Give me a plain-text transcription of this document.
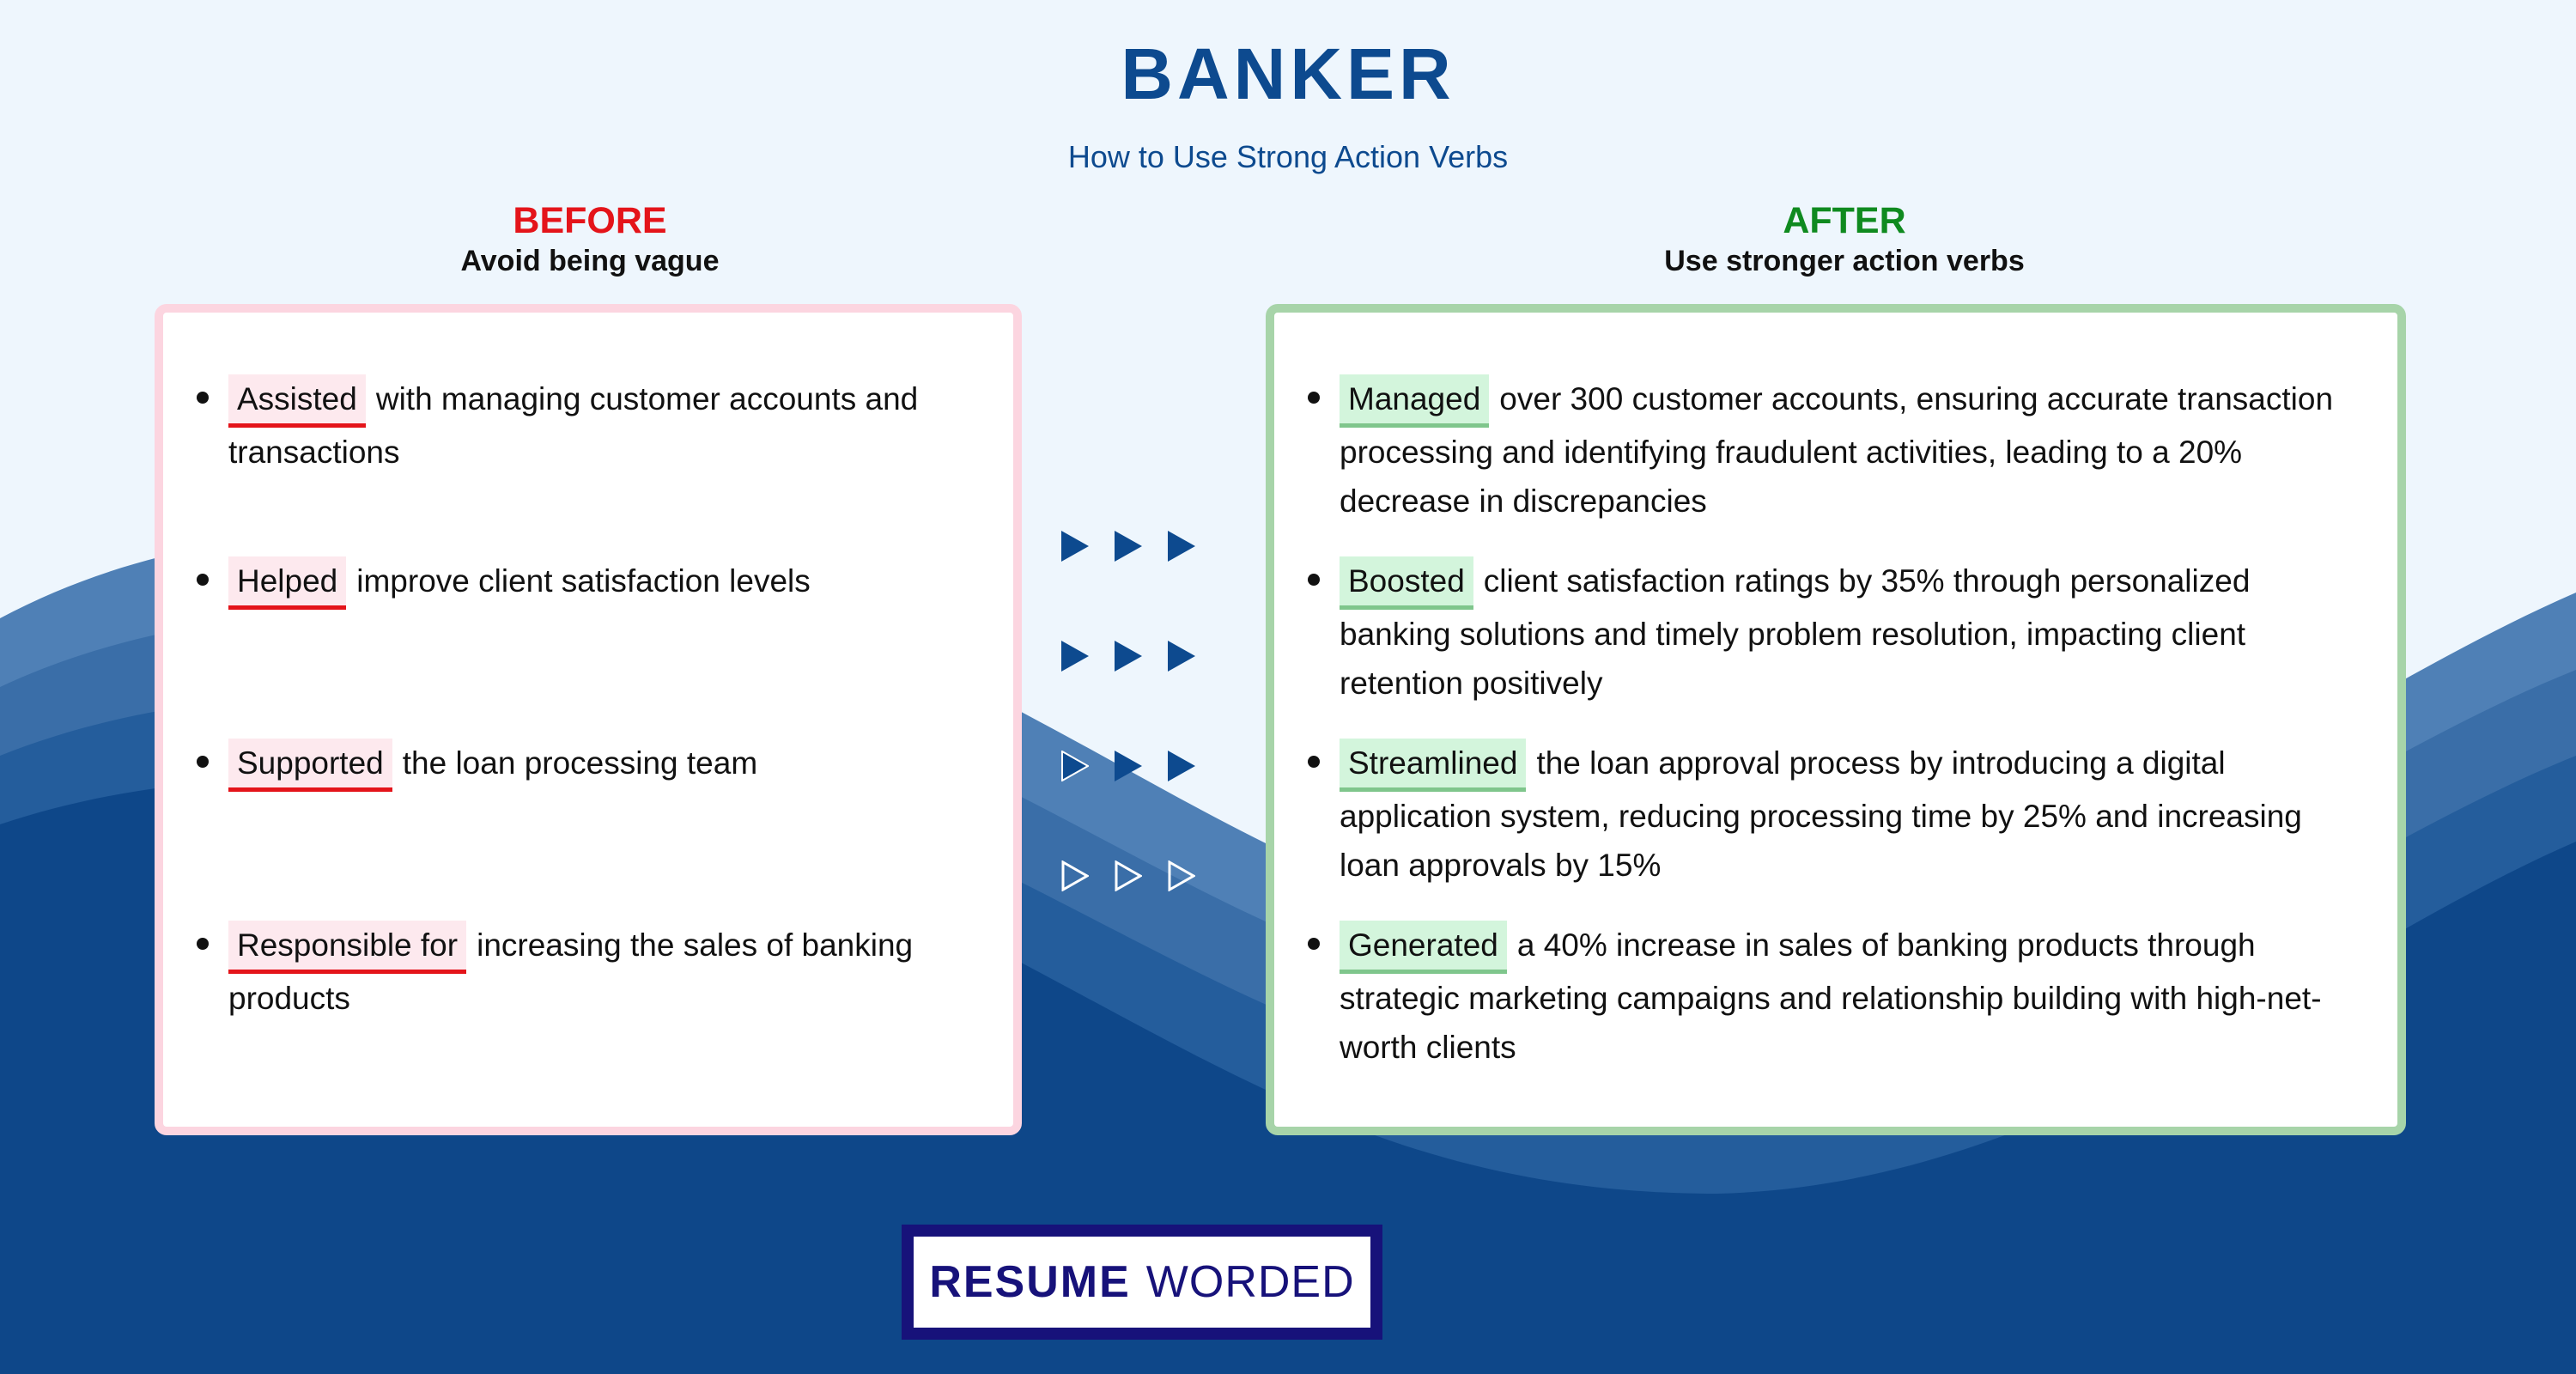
BANKER
How to Use Strong Action Verbs
BEFORE
Avoid being vague
AFTER
Use stronger action verbs
Assisted with managing customer accounts and transactions
Helped improve client satisfaction levels
Supported the loan processing team
Responsible for increasing the sales of banking products
Managed over 300 customer accounts, ensuring accurate transaction processing and identifying fraudulent activities, leading to a 20% decrease in discrepancies
Boosted client satisfaction ratings by 35% through personalized banking solutions and timely problem resolution, impacting client retention positively
Streamlined the loan approval process by introducing a digital application system, reducing processing time by 25% and increasing loan approvals by 15%
Generated a 40% increase in sales of banking products through strategic marketing campaigns and relationship building with high-net-worth clients
RESUME WORDED
